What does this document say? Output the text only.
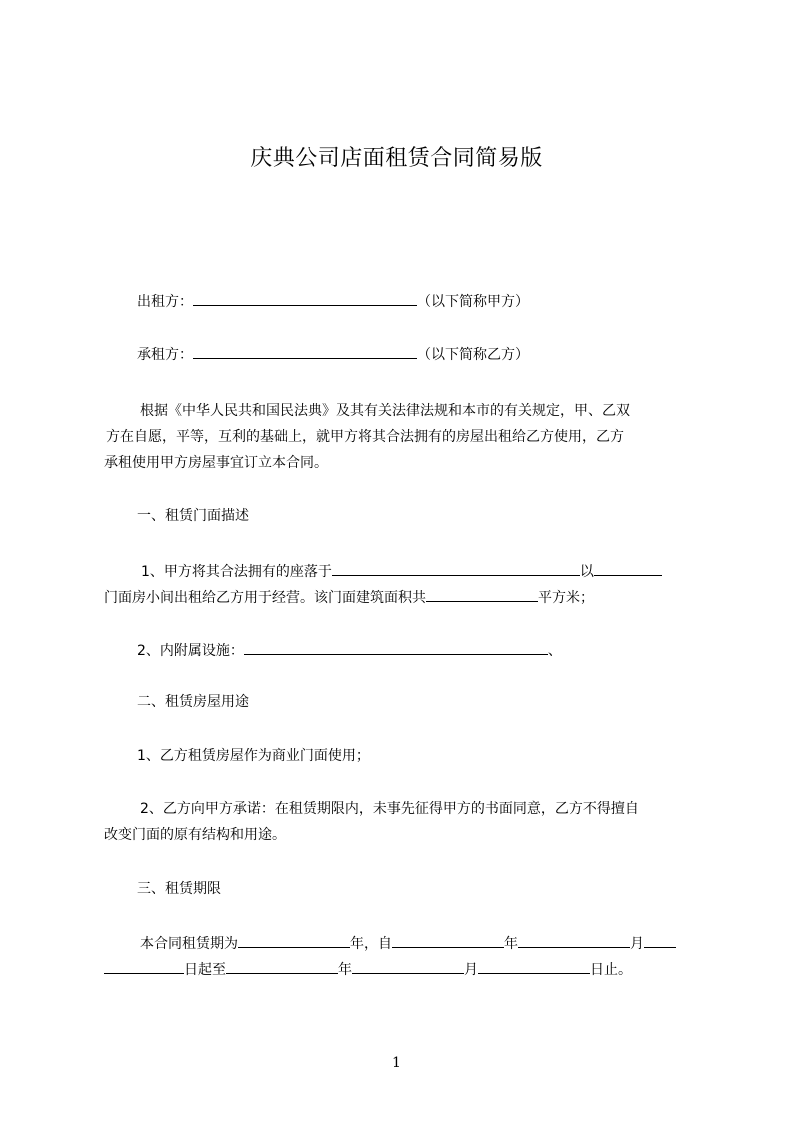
庆典公司店面租赁合同简易版
出租方：	（以下简称甲方）
承租方：	（以下简称乙方）
根据《中华人民共和国民法典》及其有关法律法规和本市的有关规定，甲、乙双
方在自愿，平等，互利的基础上，就甲方将其合法拥有的房屋出租给乙方使用，乙方
承租使用甲方房屋事宜订立本合同。
一、租赁门面描述
1、甲方将其合法拥有的座落于	以
门面房小间出租给乙方用于经营。该门面建筑面积共	平方米；
2、内附属设施：	、
二、租赁房屋用途
1、乙方租赁房屋作为商业门面使用；
2、乙方向甲方承诺：在租赁期限内，未事先征得甲方的书面同意，乙方不得擅自
改变门面的原有结构和用途。
三、租赁期限
本合同租赁期为	年，自	年	月
日起至	年	月	日止。
1
